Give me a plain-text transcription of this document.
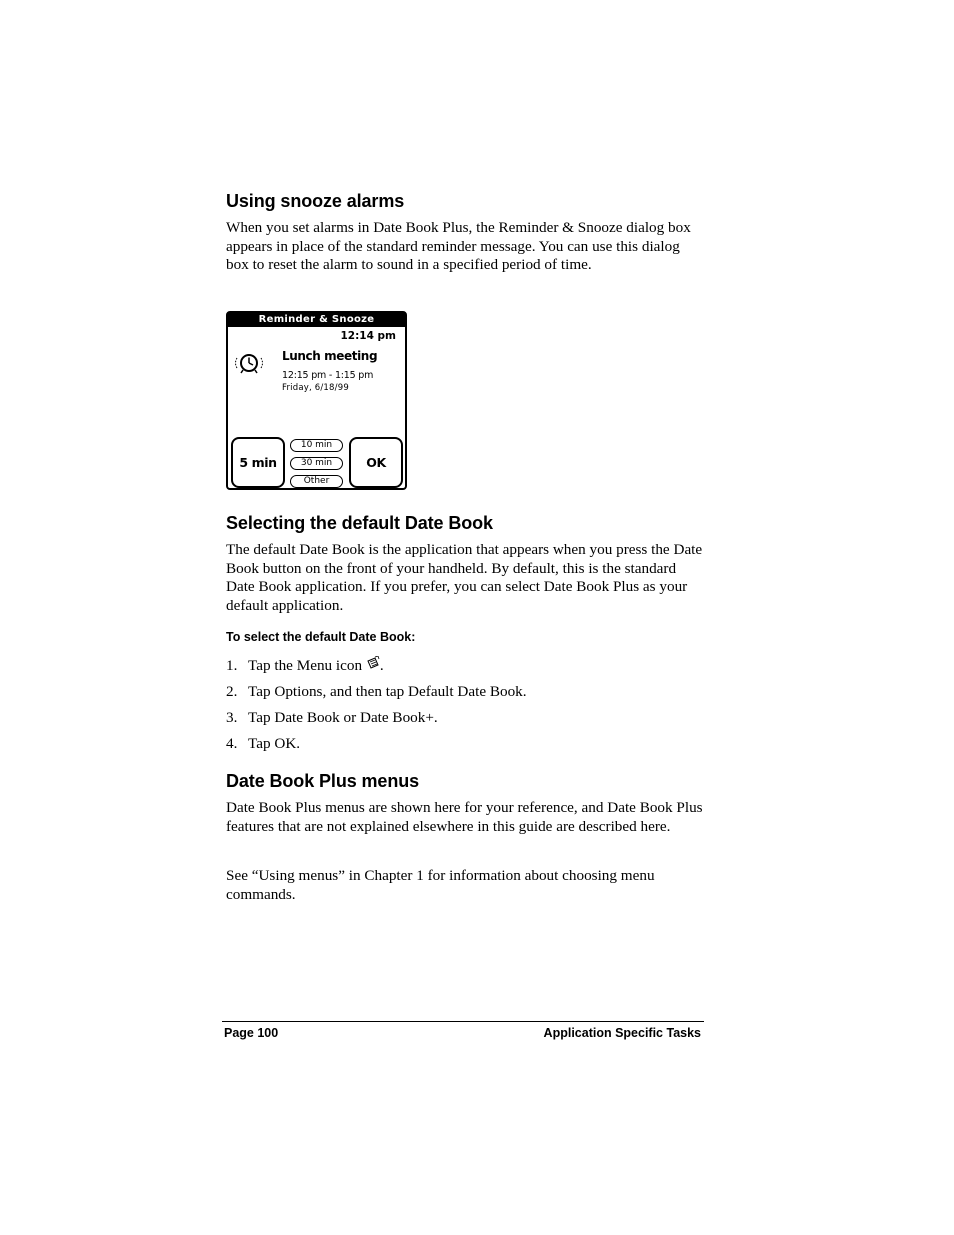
Using snooze alarms

When you set alarms in Date Book Plus, the Reminder & Snooze dialog box appears in place of the standard reminder message. You can use this dialog box to reset the alarm to sound in a specified period of time.

Reminder & Snooze
12:14 pm
Lunch meeting
12:15 pm - 1:15 pm
Friday, 6/18/99
5 min
10 min
30 min
Other
OK
Selecting the default Date Book

The default Date Book is the application that appears when you press the Date Book button on the front of your handheld. By default, this is the standard Date Book application. If you prefer, you can select Date Book Plus as your default application.

To select the default Date Book:
1. Tap the Menu icon .
2. Tap Options, and then tap Default Date Book.
3. Tap Date Book or Date Book+.
4. Tap OK.
Date Book Plus menus

Date Book Plus menus are shown here for your reference, and Date Book Plus features that are not explained elsewhere in this guide are described here.

See “Using menus” in Chapter 1 for information about choosing menu commands.

Page 100	Application Specific Tasks
